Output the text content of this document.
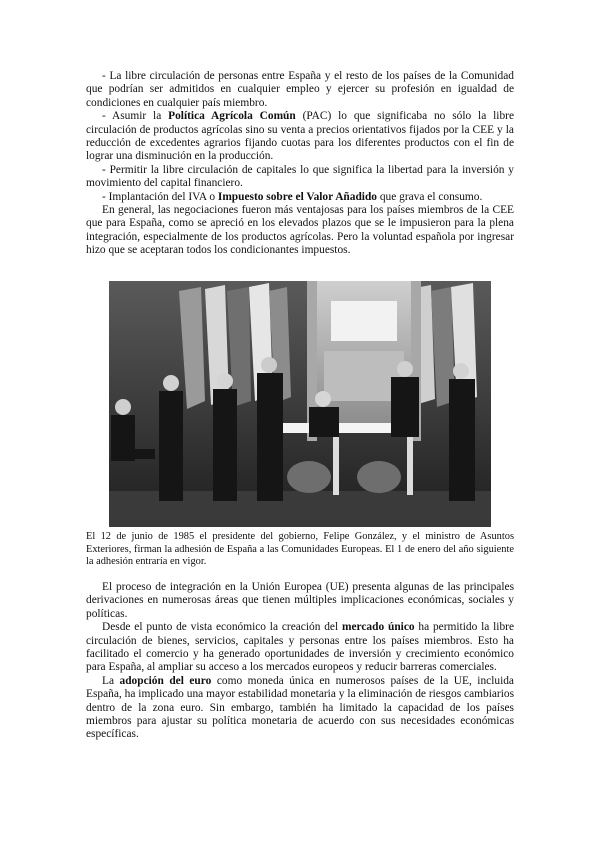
- La libre circulación de personas entre España y el resto de los países de la Comunidad que podrían ser admitidos en cualquier empleo y ejercer su profesión en igualdad de condiciones en cualquier país miembro.

- Asumir la Política Agrícola Común (PAC) lo que significaba no sólo la libre circulación de productos agrícolas sino su venta a precios orientativos fijados por la CEE y la reducción de excedentes agrarios fijando cuotas para los diferentes productos con el fin de lograr una disminución en la producción.

- Permitir la libre circulación de capitales lo que significa la libertad para la inversión y movimiento del capital financiero.

- Implantación del IVA o Impuesto sobre el Valor Añadido que grava el consumo.

En general, las negociaciones fueron más ventajosas para los países miembros de la CEE que para España, como se apreció en los elevados plazos que se le impusieron para la plena integración, especialmente de los productos agrícolas. Pero la voluntad española por ingresar hizo que se aceptaran todos los condicionantes impuestos.

El 12 de junio de 1985 el presidente del gobierno, Felipe González, y el ministro de Asuntos Exteriores, firman la adhesión de España a las Comunidades Europeas. El 1 de enero del año siguiente la adhesión entraría en vigor.

El proceso de integración en la Unión Europea (UE) presenta algunas de las principales derivaciones en numerosas áreas que tienen múltiples implicaciones económicas, sociales y políticas.

Desde el punto de vista económico la creación del mercado único ha permitido la libre circulación de bienes, servicios, capitales y personas entre los países miembros. Esto ha facilitado el comercio y ha generado oportunidades de inversión y crecimiento económico para España, al ampliar su acceso a los mercados europeos y reducir barreras comerciales.

La adopción del euro como moneda única en numerosos países de la UE, incluida España, ha implicado una mayor estabilidad monetaria y la eliminación de riesgos cambiarios dentro de la zona euro. Sin embargo, también ha limitado la capacidad de los países miembros para ajustar su política monetaria de acuerdo con sus necesidades económicas específicas.
